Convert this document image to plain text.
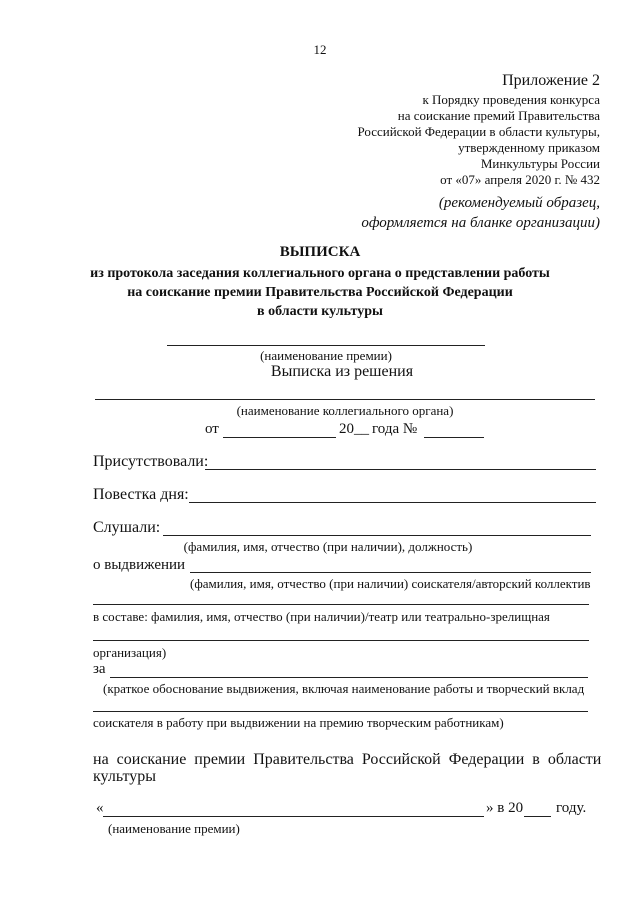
12
Приложение 2
к Порядку проведения конкурса
на соискание премий Правительства
Российской Федерации в области культуры,
утвержденному приказом
Минкультуры России
от «07» апреля 2020 г. № 432
(рекомендуемый образец,
оформляется на бланке организации)
ВЫПИСКА
из протокола заседания коллегиального органа о представлении работы
на соискание премии Правительства Российской Федерации
в области культуры
(наименование премии)
Выписка из решения
(наименование коллегиального органа)
от	20__ года №
Присутствовали:
Повестка дня:
Слушали:
(фамилия, имя, отчество (при наличии), должность)
о выдвижении
(фамилия, имя, отчество (при наличии) соискателя/авторский коллектив
в составе: фамилия, имя, отчество (при наличии)/театр или театрально-зрелищная
организация)
за
(краткое обоснование выдвижения, включая наименование работы и творческий вклад
соискателя в работу при выдвижении на премию творческим работникам)
на  соискание  премии  Правительства  Российской  Федерации  в  области
культуры
«	» в 20 году.
(наименование премии)
